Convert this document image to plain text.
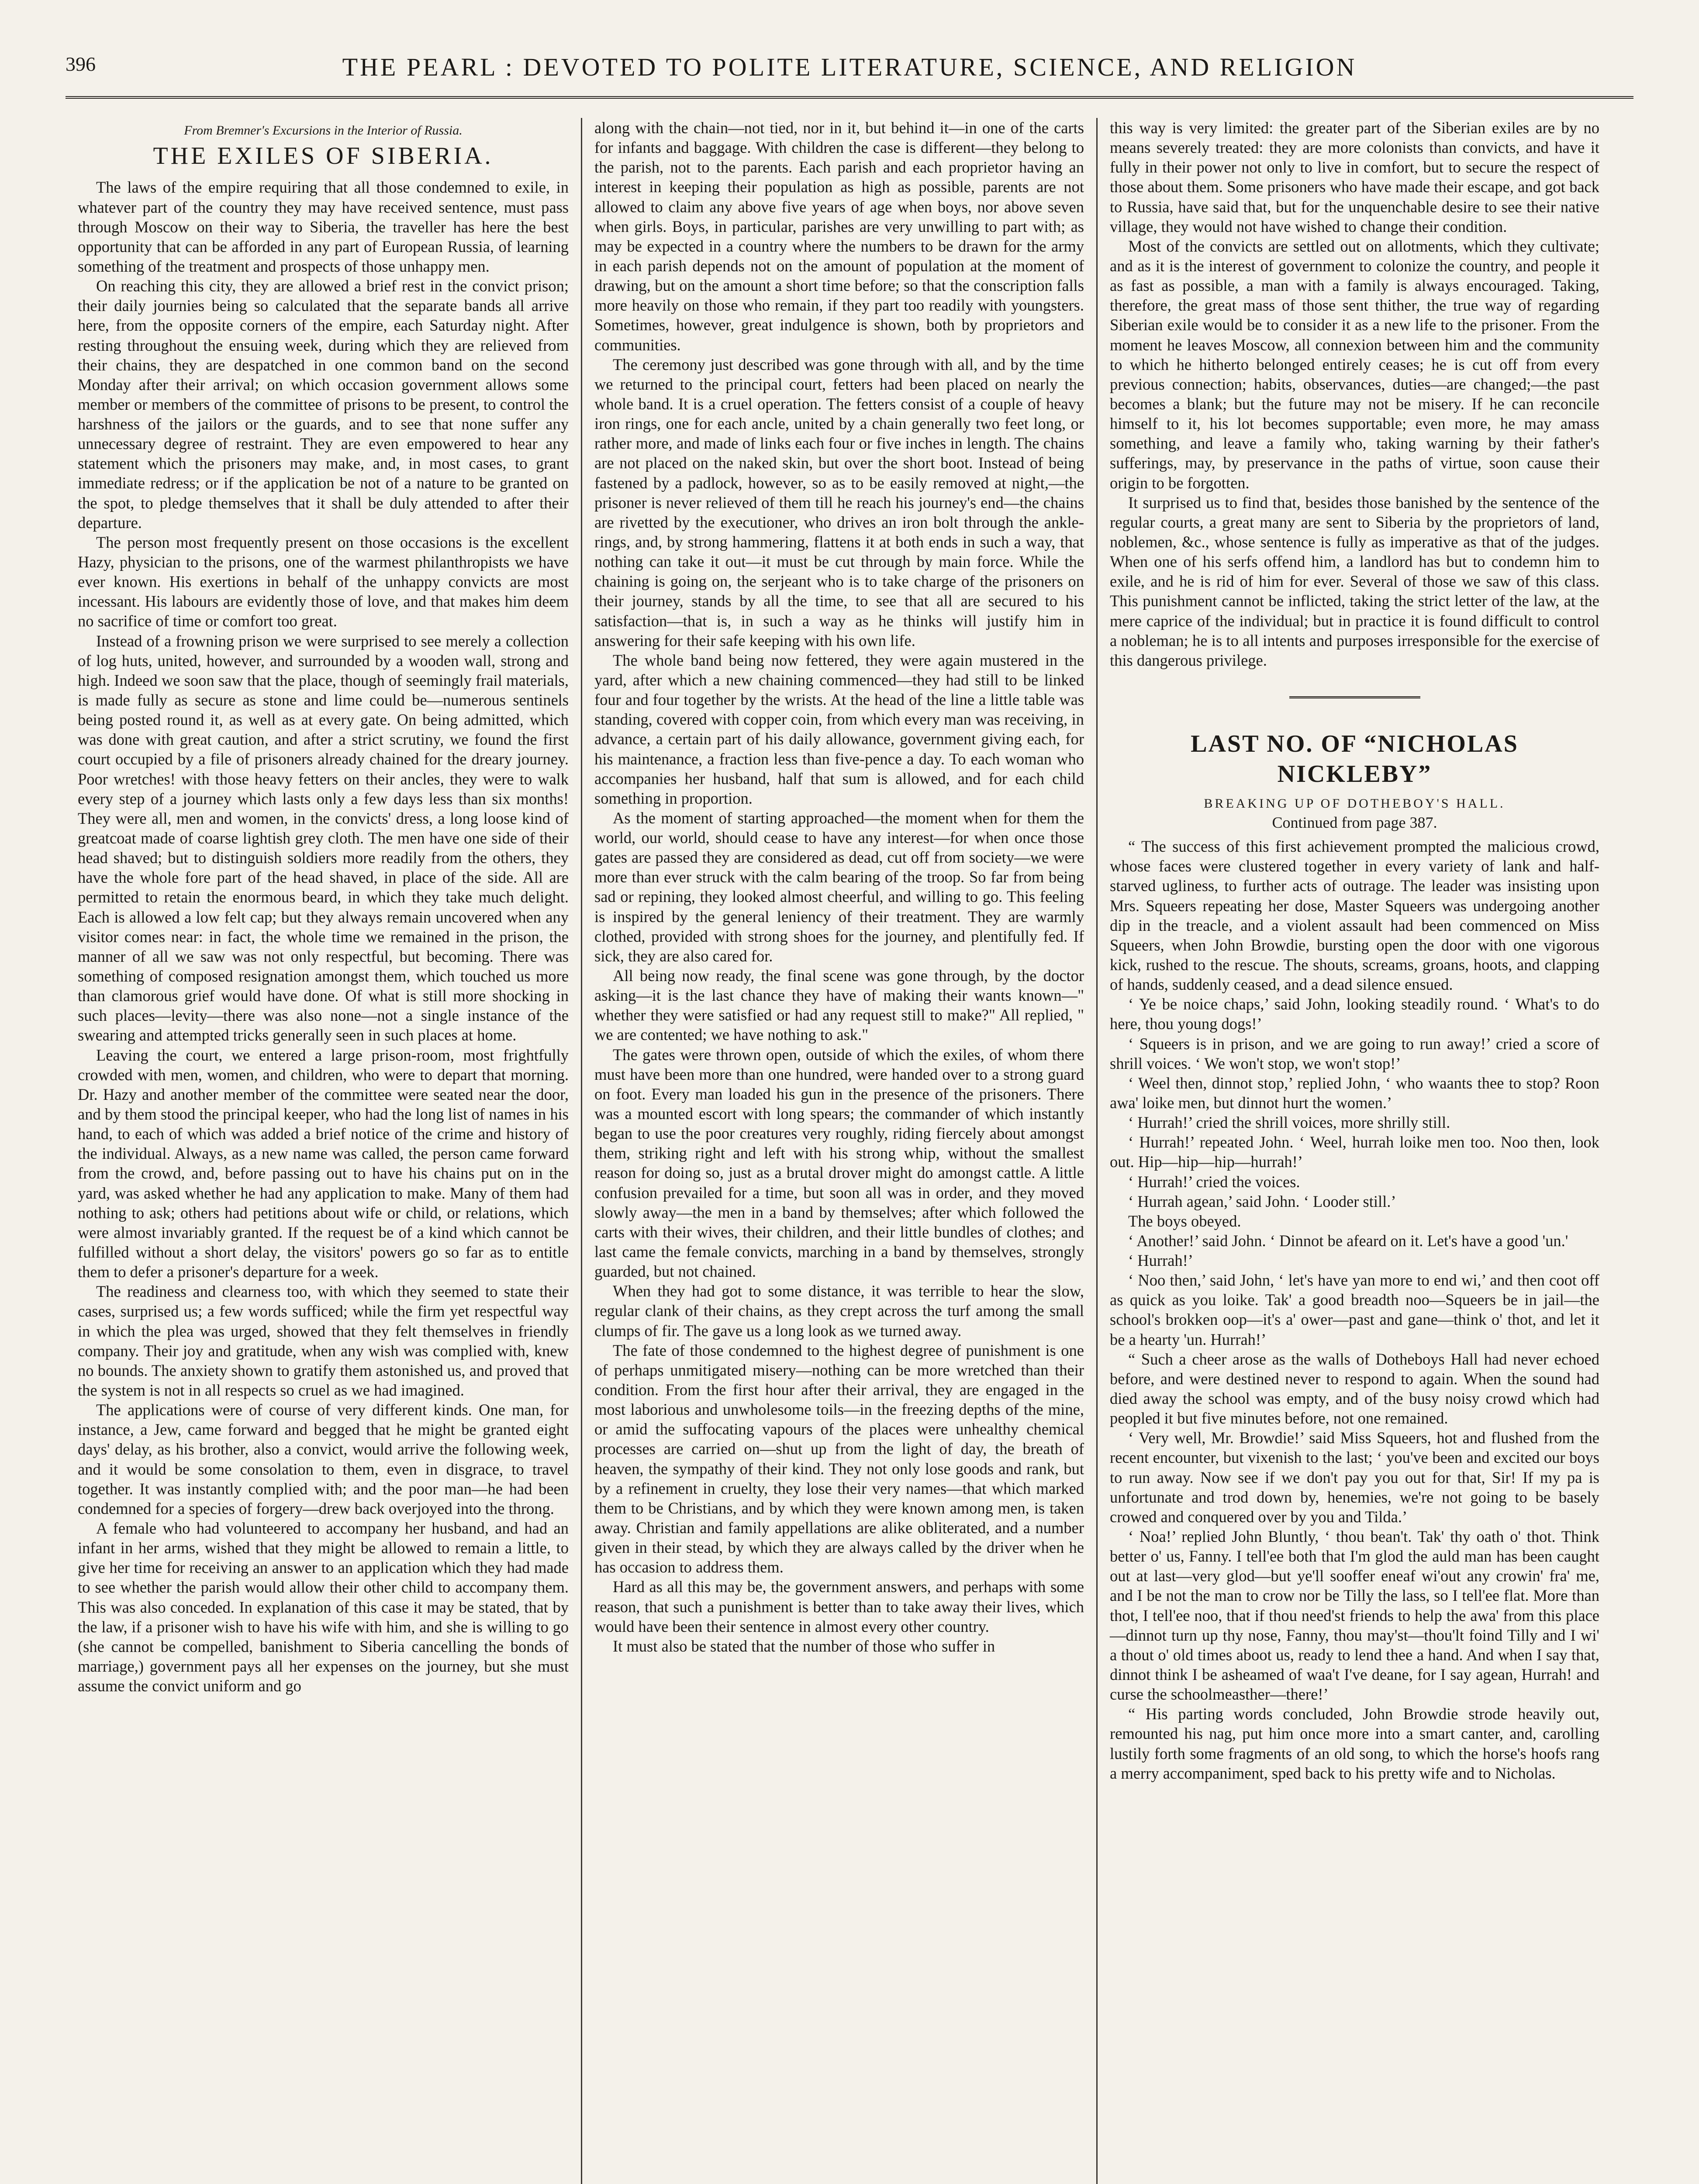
396	THE PEARL : DEVOTED TO POLITE LITERATURE, SCIENCE, AND RELIGION
From Bremner's Excursions in the Interior of Russia.
THE EXILES OF SIBERIA.

The laws of the empire requiring that all those condemned to exile, in whatever part of the country they may have received sentence, must pass through Moscow on their way to Siberia, the traveller has here the best opportunity that can be afforded in any part of European Russia, of learning something of the treatment and prospects of those unhappy men.

On reaching this city, they are allowed a brief rest in the convict prison; their daily journies being so calculated that the separate bands all arrive here, from the opposite corners of the empire, each Saturday night. After resting throughout the ensuing week, during which they are relieved from their chains, they are despatched in one common band on the second Monday after their arrival; on which occasion government allows some member or members of the committee of prisons to be present, to control the harshness of the jailors or the guards, and to see that none suffer any unnecessary degree of restraint. They are even empowered to hear any statement which the prisoners may make, and, in most cases, to grant immediate redress; or if the application be not of a nature to be granted on the spot, to pledge themselves that it shall be duly attended to after their departure.

The person most frequently present on those occasions is the excellent Hazy, physician to the prisons, one of the warmest philanthropists we have ever known. His exertions in behalf of the unhappy convicts are most incessant. His labours are evidently those of love, and that makes him deem no sacrifice of time or comfort too great.

Instead of a frowning prison we were surprised to see merely a collection of log huts, united, however, and surrounded by a wooden wall, strong and high. Indeed we soon saw that the place, though of seemingly frail materials, is made fully as secure as stone and lime could be—numerous sentinels being posted round it, as well as at every gate. On being admitted, which was done with great caution, and after a strict scrutiny, we found the first court occupied by a file of prisoners already chained for the dreary journey. Poor wretches! with those heavy fetters on their ancles, they were to walk every step of a journey which lasts only a few days less than six months! They were all, men and women, in the convicts' dress, a long loose kind of greatcoat made of coarse lightish grey cloth. The men have one side of their head shaved; but to distinguish soldiers more readily from the others, they have the whole fore part of the head shaved, in place of the side. All are permitted to retain the enormous beard, in which they take much delight. Each is allowed a low felt cap; but they always remain uncovered when any visitor comes near: in fact, the whole time we remained in the prison, the manner of all we saw was not only respectful, but becoming. There was something of composed resignation amongst them, which touched us more than clamorous grief would have done. Of what is still more shocking in such places—levity—there was also none—not a single instance of the swearing and attempted tricks generally seen in such places at home.

Leaving the court, we entered a large prison-room, most frightfully crowded with men, women, and children, who were to depart that morning. Dr. Hazy and another member of the committee were seated near the door, and by them stood the principal keeper, who had the long list of names in his hand, to each of which was added a brief notice of the crime and history of the individual. Always, as a new name was called, the person came forward from the crowd, and, before passing out to have his chains put on in the yard, was asked whether he had any application to make. Many of them had nothing to ask; others had petitions about wife or child, or relations, which were almost invariably granted. If the request be of a kind which cannot be fulfilled without a short delay, the visitors' powers go so far as to entitle them to defer a prisoner's departure for a week.

The readiness and clearness too, with which they seemed to state their cases, surprised us; a few words sufficed; while the firm yet respectful way in which the plea was urged, showed that they felt themselves in friendly company. Their joy and gratitude, when any wish was complied with, knew no bounds. The anxiety shown to gratify them astonished us, and proved that the system is not in all respects so cruel as we had imagined.

The applications were of course of very different kinds. One man, for instance, a Jew, came forward and begged that he might be granted eight days' delay, as his brother, also a convict, would arrive the following week, and it would be some consolation to them, even in disgrace, to travel together. It was instantly complied with; and the poor man—he had been condemned for a species of forgery—drew back overjoyed into the throng.

A female who had volunteered to accompany her husband, and had an infant in her arms, wished that they might be allowed to remain a little, to give her time for receiving an answer to an application which they had made to see whether the parish would allow their other child to accompany them. This was also conceded. In explanation of this case it may be stated, that by the law, if a prisoner wish to have his wife with him, and she is willing to go (she cannot be compelled, banishment to Siberia cancelling the bonds of marriage,) government pays all her expenses on the journey, but she must assume the convict uniform and go

along with the chain—not tied, nor in it, but behind it—in one of the carts for infants and baggage. With children the case is different—they belong to the parish, not to the parents. Each parish and each proprietor having an interest in keeping their population as high as possible, parents are not allowed to claim any above five years of age when boys, nor above seven when girls. Boys, in particular, parishes are very unwilling to part with; as may be expected in a country where the numbers to be drawn for the army in each parish depends not on the amount of population at the moment of drawing, but on the amount a short time before; so that the conscription falls more heavily on those who remain, if they part too readily with youngsters. Sometimes, however, great indulgence is shown, both by proprietors and communities.

The ceremony just described was gone through with all, and by the time we returned to the principal court, fetters had been placed on nearly the whole band. It is a cruel operation. The fetters consist of a couple of heavy iron rings, one for each ancle, united by a chain generally two feet long, or rather more, and made of links each four or five inches in length. The chains are not placed on the naked skin, but over the short boot. Instead of being fastened by a padlock, however, so as to be easily removed at night,—the prisoner is never relieved of them till he reach his journey's end—the chains are rivetted by the executioner, who drives an iron bolt through the ankle-rings, and, by strong hammering, flattens it at both ends in such a way, that nothing can take it out—it must be cut through by main force. While the chaining is going on, the serjeant who is to take charge of the prisoners on their journey, stands by all the time, to see that all are secured to his satisfaction—that is, in such a way as he thinks will justify him in answering for their safe keeping with his own life.

The whole band being now fettered, they were again mustered in the yard, after which a new chaining commenced—they had still to be linked four and four together by the wrists. At the head of the line a little table was standing, covered with copper coin, from which every man was receiving, in advance, a certain part of his daily allowance, government giving each, for his maintenance, a fraction less than five-pence a day. To each woman who accompanies her husband, half that sum is allowed, and for each child something in proportion.

As the moment of starting approached—the moment when for them the world, our world, should cease to have any interest—for when once those gates are passed they are considered as dead, cut off from society—we were more than ever struck with the calm bearing of the troop. So far from being sad or repining, they looked almost cheerful, and willing to go. This feeling is inspired by the general leniency of their treatment. They are warmly clothed, provided with strong shoes for the journey, and plentifully fed. If sick, they are also cared for.

All being now ready, the final scene was gone through, by the doctor asking—it is the last chance they have of making their wants known—" whether they were satisfied or had any request still to make?" All replied, " we are contented; we have nothing to ask."

The gates were thrown open, outside of which the exiles, of whom there must have been more than one hundred, were handed over to a strong guard on foot. Every man loaded his gun in the presence of the prisoners. There was a mounted escort with long spears; the commander of which instantly began to use the poor creatures very roughly, riding fiercely about amongst them, striking right and left with his strong whip, without the smallest reason for doing so, just as a brutal drover might do amongst cattle. A little confusion prevailed for a time, but soon all was in order, and they moved slowly away—the men in a band by themselves; after which followed the carts with their wives, their children, and their little bundles of clothes; and last came the female convicts, marching in a band by themselves, strongly guarded, but not chained.

When they had got to some distance, it was terrible to hear the slow, regular clank of their chains, as they crept across the turf among the small clumps of fir. The gave us a long look as we turned away.

The fate of those condemned to the highest degree of punishment is one of perhaps unmitigated misery—nothing can be more wretched than their condition. From the first hour after their arrival, they are engaged in the most laborious and unwholesome toils—in the freezing depths of the mine, or amid the suffocating vapours of the places were unhealthy chemical processes are carried on—shut up from the light of day, the breath of heaven, the sympathy of their kind. They not only lose goods and rank, but by a refinement in cruelty, they lose their very names—that which marked them to be Christians, and by which they were known among men, is taken away. Christian and family appellations are alike obliterated, and a number given in their stead, by which they are always called by the driver when he has occasion to address them.

Hard as all this may be, the government answers, and perhaps with some reason, that such a punishment is better than to take away their lives, which would have been their sentence in almost every other country.

It must also be stated that the number of those who suffer in

this way is very limited: the greater part of the Siberian exiles are by no means severely treated: they are more colonists than convicts, and have it fully in their power not only to live in comfort, but to secure the respect of those about them. Some prisoners who have made their escape, and got back to Russia, have said that, but for the unquenchable desire to see their native village, they would not have wished to change their condition.

Most of the convicts are settled out on allotments, which they cultivate; and as it is the interest of government to colonize the country, and people it as fast as possible, a man with a family is always encouraged. Taking, therefore, the great mass of those sent thither, the true way of regarding Siberian exile would be to consider it as a new life to the prisoner. From the moment he leaves Moscow, all connexion between him and the community to which he hitherto belonged entirely ceases; he is cut off from every previous connection; habits, observances, duties—are changed;—the past becomes a blank; but the future may not be misery. If he can reconcile himself to it, his lot becomes supportable; even more, he may amass something, and leave a family who, taking warning by their father's sufferings, may, by preservance in the paths of virtue, soon cause their origin to be forgotten.

It surprised us to find that, besides those banished by the sentence of the regular courts, a great many are sent to Siberia by the proprietors of land, noblemen, &c., whose sentence is fully as imperative as that of the judges. When one of his serfs offend him, a landlord has but to condemn him to exile, and he is rid of him for ever. Several of those we saw of this class. This punishment cannot be inflicted, taking the strict letter of the law, at the mere caprice of the individual; but in practice it is found difficult to control a nobleman; he is to all intents and purposes irresponsible for the exercise of this dangerous privilege.

LAST NO. OF “NICHOLAS NICKLEBY”
BREAKING UP OF DOTHEBOY'S HALL.
Continued from page 387.

“ The success of this first achievement prompted the malicious crowd, whose faces were clustered together in every variety of lank and half-starved ugliness, to further acts of outrage. The leader was insisting upon Mrs. Squeers repeating her dose, Master Squeers was undergoing another dip in the treacle, and a violent assault had been commenced on Miss Squeers, when John Browdie, bursting open the door with one vigorous kick, rushed to the rescue. The shouts, screams, groans, hoots, and clapping of hands, suddenly ceased, and a dead silence ensued.

‘ Ye be noice chaps,’ said John, looking steadily round. ‘ What's to do here, thou young dogs!’

‘ Squeers is in prison, and we are going to run away!’ cried a score of shrill voices. ‘ We won't stop, we won't stop!’

‘ Weel then, dinnot stop,’ replied John, ‘ who waants thee to stop? Roon awa' loike men, but dinnot hurt the women.’

‘ Hurrah!’ cried the shrill voices, more shrilly still.

‘ Hurrah!’ repeated John. ‘ Weel, hurrah loike men too. Noo then, look out. Hip—hip—hip—hurrah!’

‘ Hurrah!’ cried the voices.

‘ Hurrah agean,’ said John. ‘ Looder still.’

The boys obeyed.

‘ Another!’ said John. ‘ Dinnot be afeard on it. Let's have a good 'un.'

‘ Hurrah!’

‘ Noo then,’ said John, ‘ let's have yan more to end wi,’ and then coot off as quick as you loike. Tak' a good breadth noo—Squeers be in jail—the school's brokken oop—it's a' ower—past and gane—think o' thot, and let it be a hearty 'un. Hurrah!’

“ Such a cheer arose as the walls of Dotheboys Hall had never echoed before, and were destined never to respond to again. When the sound had died away the school was empty, and of the busy noisy crowd which had peopled it but five minutes before, not one remained.

‘ Very well, Mr. Browdie!’ said Miss Squeers, hot and flushed from the recent encounter, but vixenish to the last; ‘ you've been and excited our boys to run away. Now see if we don't pay you out for that, Sir! If my pa is unfortunate and trod down by, henemies, we're not going to be basely crowed and conquered over by you and Tilda.’

‘ Noa!’ replied John Bluntly, ‘ thou bean't. Tak' thy oath o' thot. Think better o' us, Fanny. I tell'ee both that I'm glod the auld man has been caught out at last—very glod—but ye'll sooffer eneaf wi'out any crowin' fra' me, and I be not the man to crow nor be Tilly the lass, so I tell'ee flat. More than thot, I tell'ee noo, that if thou need'st friends to help the awa' from this place—dinnot turn up thy nose, Fanny, thou may'st—thou'lt foind Tilly and I wi' a thout o' old times aboot us, ready to lend thee a hand. And when I say that, dinnot think I be asheamed of waa't I've deane, for I say agean, Hurrah! and curse the schoolmeasther—there!’

“ His parting words concluded, John Browdie strode heavily out, remounted his nag, put him once more into a smart canter, and, carolling lustily forth some fragments of an old song, to which the horse's hoofs rang a merry accompaniment, sped back to his pretty wife and to Nicholas.
